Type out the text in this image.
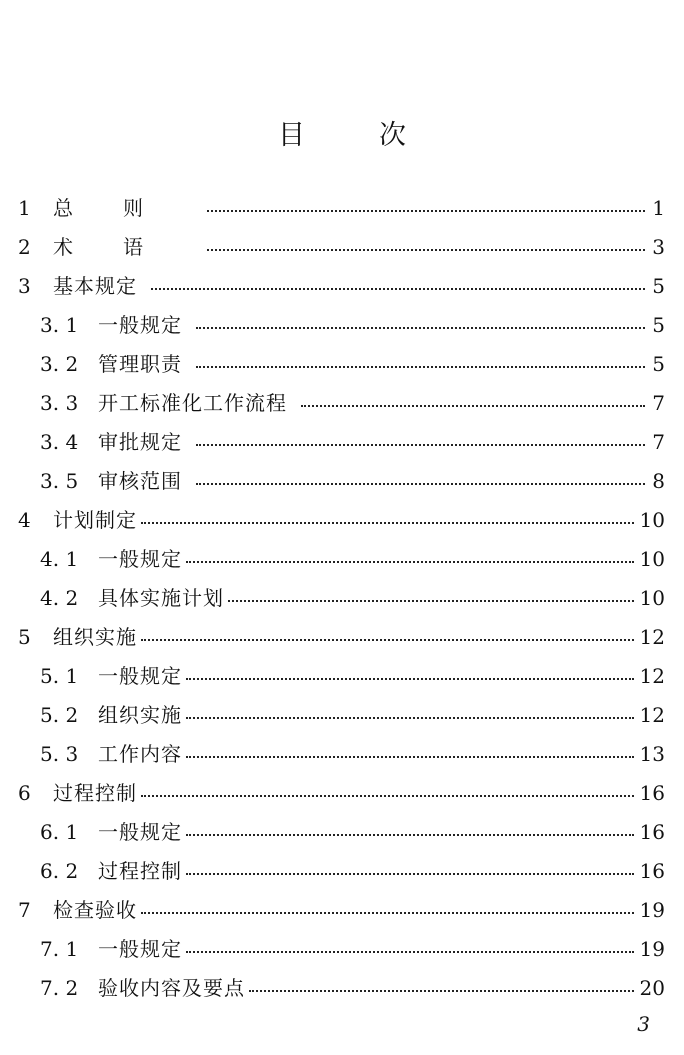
目	次
1	总则	1
2	术语	3
3	基本规定	5
3. 1 一般规定	5
3. 2 管理职责	5
3. 3 开工标准化工作流程	7
3. 4 审批规定	7
3. 5 审核范围	8
4	计划制定	10
4. 1 一般规定	10
4. 2 具体实施计划	10
5	组织实施	12
5. 1 一般规定	12
5. 2 组织实施	12
5. 3 工作内容	13
6	过程控制	16
6. 1 一般规定	16
6. 2 过程控制	16
7	检查验收	19
7. 1 一般规定	19
7. 2 验收内容及要点	20
3
